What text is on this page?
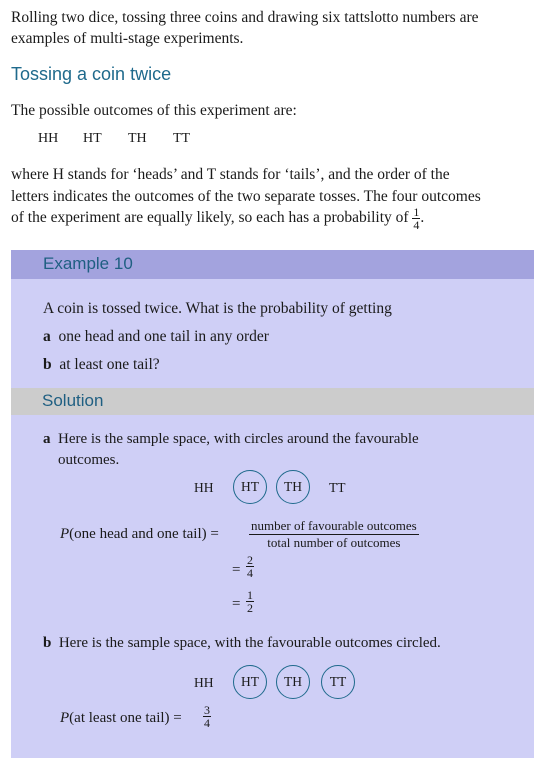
Rolling two dice, tossing three coins and drawing six tattslotto numbers are
examples of multi-stage experiments.
Tossing a coin twice
The possible outcomes of this experiment are:
HH HT TH TT
where H stands for ‘heads’ and T stands for ‘tails’, and the order of the
letters indicates the outcomes of the two separate tosses. The four outcomes
of the experiment are equally likely, so each has a probability of $\frac{1}{4}$ .
Example 10
A coin is tossed twice. What is the probability of getting
a one head and one tail in any order
b at least one tail?
Solution
a Here is the sample space, with circles around the favourable
outcomes.
HH	HT	TH	TT
P(one head and one tail) =
number of favourable outcomes
total number of outcomes
= $\frac{2}{4}$
= $\frac{1}{2}$
b Here is the sample space, with the favourable outcomes circled.
HH	HT	TH	TT
P(at least one tail) = $\frac{3}{4}$
